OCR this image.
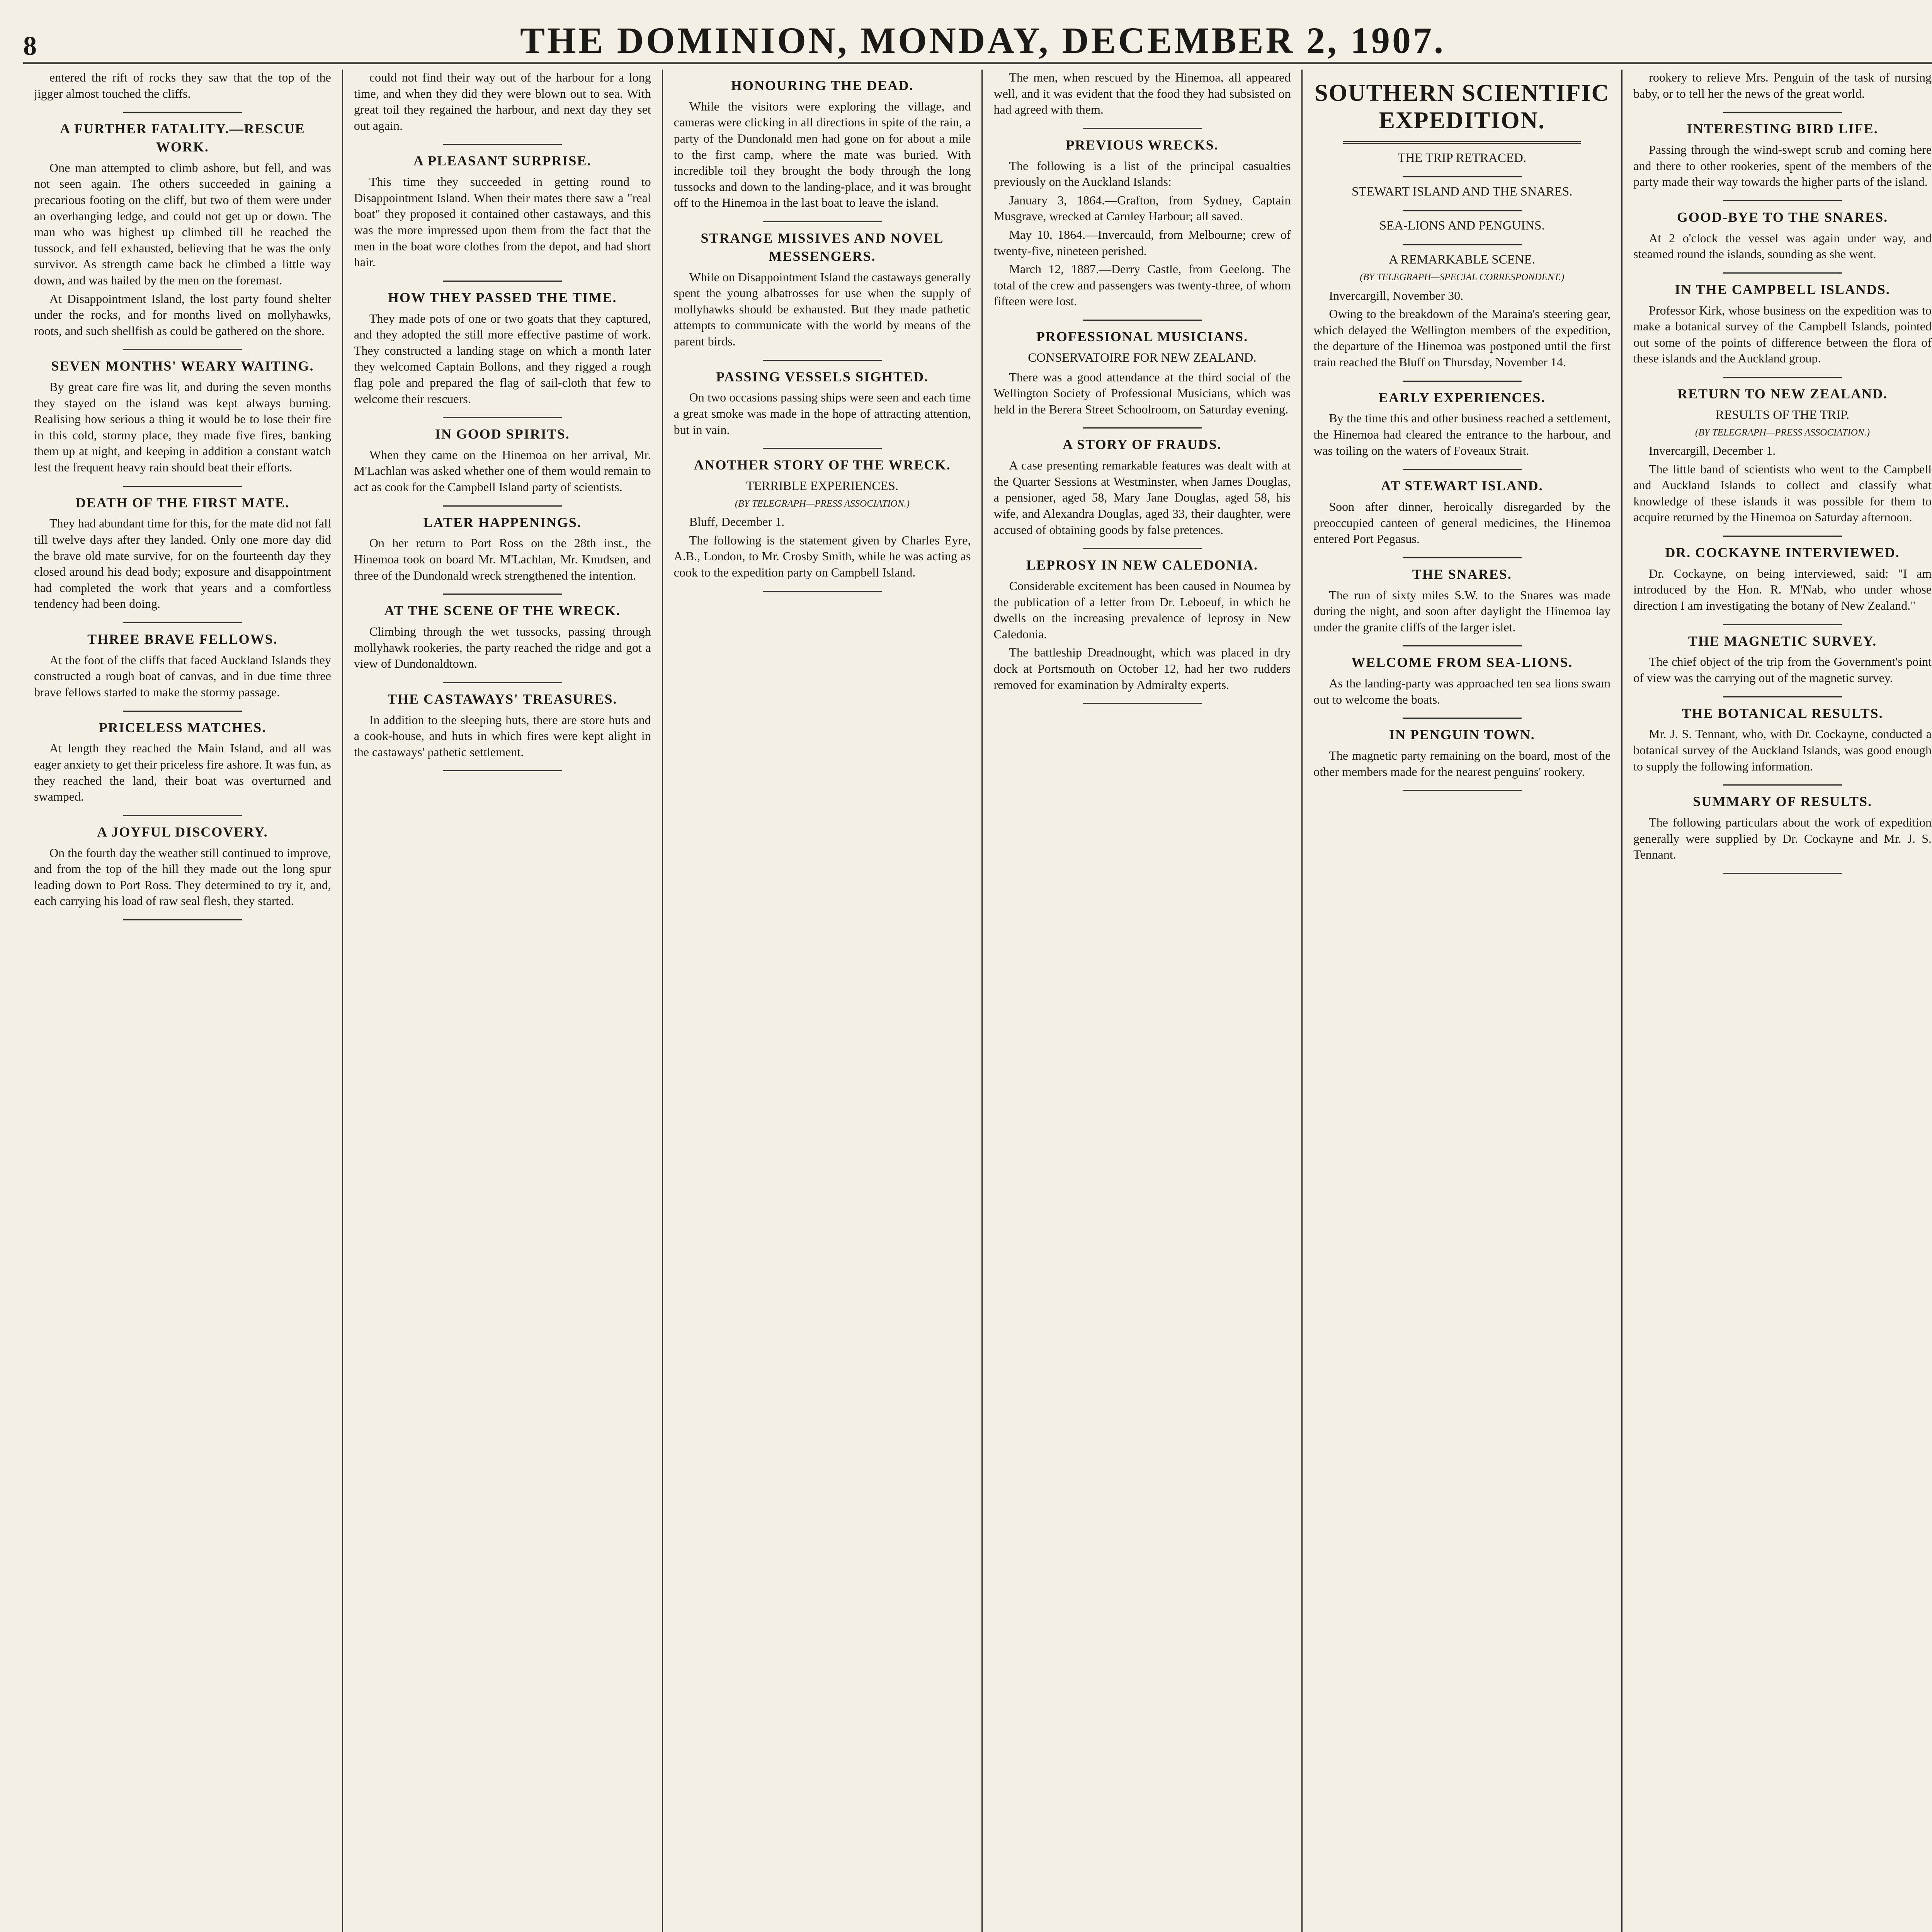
8	THE DOMINION, MONDAY, DECEMBER 2, 1907.

entered the rift of rocks they saw that the top of the jigger almost touched the cliffs.

A FURTHER FATALITY.—RESCUE WORK.

One man attempted to climb ashore, but fell, and was not seen again. The others succeeded in gaining a precarious footing on the cliff, but two of them were under an overhanging ledge, and could not get up or down. The man who was highest up climbed till he reached the tussock, and fell exhausted, believing that he was the only survivor. As strength came back he climbed a little way down, and was hailed by the men on the foremast.

At Disappointment Island, the lost party found shelter under the rocks, and for months lived on mollyhawks, roots, and such shellfish as could be gathered on the shore.

SEVEN MONTHS' WEARY WAITING.

By great care fire was lit, and during the seven months they stayed on the island was kept always burning. Realising how serious a thing it would be to lose their fire in this cold, stormy place, they made five fires, banking them up at night, and keeping in addition a constant watch lest the frequent heavy rain should beat their efforts.

DEATH OF THE FIRST MATE.

They had abundant time for this, for the mate did not fall till twelve days after they landed. Only one more day did the brave old mate survive, for on the fourteenth day they closed around his dead body; exposure and disappointment had completed the work that years and a comfortless tendency had been doing.

THREE BRAVE FELLOWS.

At the foot of the cliffs that faced Auckland Islands they constructed a rough boat of canvas, and in due time three brave fellows started to make the stormy passage.

PRICELESS MATCHES.

At length they reached the Main Island, and all was eager anxiety to get their priceless fire ashore. It was fun, as they reached the land, their boat was overturned and swamped.

A JOYFUL DISCOVERY.

On the fourth day the weather still continued to improve, and from the top of the hill they made out the long spur leading down to Port Ross. They determined to try it, and, each carrying his load of raw seal flesh, they started.

could not find their way out of the harbour for a long time, and when they did they were blown out to sea. With great toil they regained the harbour, and next day they set out again.

A PLEASANT SURPRISE.

This time they succeeded in getting round to Disappointment Island. When their mates there saw a "real boat" they proposed it contained other castaways, and this was the more impressed upon them from the fact that the men in the boat wore clothes from the depot, and had short hair.

HOW THEY PASSED THE TIME.

They made pots of one or two goats that they captured, and they adopted the still more effective pastime of work. They constructed a landing stage on which a month later they welcomed Captain Bollons, and they rigged a rough flag pole and prepared the flag of sail-cloth that few to welcome their rescuers.

IN GOOD SPIRITS.

When they came on the Hinemoa on her arrival, Mr. M'Lachlan was asked whether one of them would remain to act as cook for the Campbell Island party of scientists.

LATER HAPPENINGS.

On her return to Port Ross on the 28th inst., the Hinemoa took on board Mr. M'Lachlan, Mr. Knudsen, and three of the Dundonald wreck strengthened the intention.

AT THE SCENE OF THE WRECK.

Climbing through the wet tussocks, passing through mollyhawk rookeries, the party reached the ridge and got a view of Dundonaldtown.

THE CASTAWAYS' TREASURES.

In addition to the sleeping huts, there are store huts and a cook-house, and huts in which fires were kept alight in the castaways' pathetic settlement.

HONOURING THE DEAD.

While the visitors were exploring the village, and cameras were clicking in all directions in spite of the rain, a party of the Dundonald men had gone on for about a mile to the first camp, where the mate was buried. With incredible toil they brought the body through the long tussocks and down to the landing-place, and it was brought off to the Hinemoa in the last boat to leave the island.

STRANGE MISSIVES AND NOVEL MESSENGERS.

While on Disappointment Island the castaways generally spent the young albatrosses for use when the supply of mollyhawks should be exhausted. But they made pathetic attempts to communicate with the world by means of the parent birds.

PASSING VESSELS SIGHTED.

On two occasions passing ships were seen and each time a great smoke was made in the hope of attracting attention, but in vain.

ANOTHER STORY OF THE WRECK.
TERRIBLE EXPERIENCES.
(BY TELEGRAPH—PRESS ASSOCIATION.)

Bluff, December 1.

The following is the statement given by Charles Eyre, A.B., London, to Mr. Crosby Smith, while he was acting as cook to the expedition party on Campbell Island.

The men, when rescued by the Hinemoa, all appeared well, and it was evident that the food they had subsisted on had agreed with them.

PREVIOUS WRECKS.

The following is a list of the principal casualties previously on the Auckland Islands:

January 3, 1864.—Grafton, from Sydney, Captain Musgrave, wrecked at Carnley Harbour; all saved.

May 10, 1864.—Invercauld, from Melbourne; crew of twenty-five, nineteen perished.

March 12, 1887.—Derry Castle, from Geelong. The total of the crew and passengers was twenty-three, of whom fifteen were lost.

PROFESSIONAL MUSICIANS.
CONSERVATOIRE FOR NEW ZEALAND.

There was a good attendance at the third social of the Wellington Society of Professional Musicians, which was held in the Berera Street Schoolroom, on Saturday evening.

A STORY OF FRAUDS.

A case presenting remarkable features was dealt with at the Quarter Sessions at Westminster, when James Douglas, a pensioner, aged 58, Mary Jane Douglas, aged 58, his wife, and Alexandra Douglas, aged 33, their daughter, were accused of obtaining goods by false pretences.

LEPROSY IN NEW CALEDONIA.

Considerable excitement has been caused in Noumea by the publication of a letter from Dr. Leboeuf, in which he dwells on the increasing prevalence of leprosy in New Caledonia.

The battleship Dreadnought, which was placed in dry dock at Portsmouth on October 12, had her two rudders removed for examination by Admiralty experts.

SOUTHERN SCIENTIFIC EXPEDITION.
THE TRIP RETRACED.
STEWART ISLAND AND THE SNARES.
SEA-LIONS AND PENGUINS.
A REMARKABLE SCENE.
(BY TELEGRAPH—SPECIAL CORRESPONDENT.)

Invercargill, November 30.

Owing to the breakdown of the Maraina's steering gear, which delayed the Wellington members of the expedition, the departure of the Hinemoa was postponed until the first train reached the Bluff on Thursday, November 14.

EARLY EXPERIENCES.

By the time this and other business reached a settlement, the Hinemoa had cleared the entrance to the harbour, and was toiling on the waters of Foveaux Strait.

AT STEWART ISLAND.

Soon after dinner, heroically disregarded by the preoccupied canteen of general medicines, the Hinemoa entered Port Pegasus.

THE SNARES.

The run of sixty miles S.W. to the Snares was made during the night, and soon after daylight the Hinemoa lay under the granite cliffs of the larger islet.

WELCOME FROM SEA-LIONS.

As the landing-party was approached ten sea lions swam out to welcome the boats.

IN PENGUIN TOWN.

The magnetic party remaining on the board, most of the other members made for the nearest penguins' rookery.

rookery to relieve Mrs. Penguin of the task of nursing baby, or to tell her the news of the great world.

INTERESTING BIRD LIFE.

Passing through the wind-swept scrub and coming here and there to other rookeries, spent of the members of the party made their way towards the higher parts of the island.

GOOD-BYE TO THE SNARES.

At 2 o'clock the vessel was again under way, and steamed round the islands, sounding as she went.

IN THE CAMPBELL ISLANDS.

Professor Kirk, whose business on the expedition was to make a botanical survey of the Campbell Islands, pointed out some of the points of difference between the flora of these islands and the Auckland group.

RETURN TO NEW ZEALAND.
RESULTS OF THE TRIP.
(BY TELEGRAPH—PRESS ASSOCIATION.)

Invercargill, December 1.

The little band of scientists who went to the Campbell and Auckland Islands to collect and classify what knowledge of these islands it was possible for them to acquire returned by the Hinemoa on Saturday afternoon.

DR. COCKAYNE INTERVIEWED.

Dr. Cockayne, on being interviewed, said: "I am introduced by the Hon. R. M'Nab, who under whose direction I am investigating the botany of New Zealand."

THE MAGNETIC SURVEY.

The chief object of the trip from the Government's point of view was the carrying out of the magnetic survey.

THE BOTANICAL RESULTS.

Mr. J. S. Tennant, who, with Dr. Cockayne, conducted a botanical survey of the Auckland Islands, was good enough to supply the following information.

SUMMARY OF RESULTS.

The following particulars about the work of expedition generally were supplied by Dr. Cockayne and Mr. J. S. Tennant.
